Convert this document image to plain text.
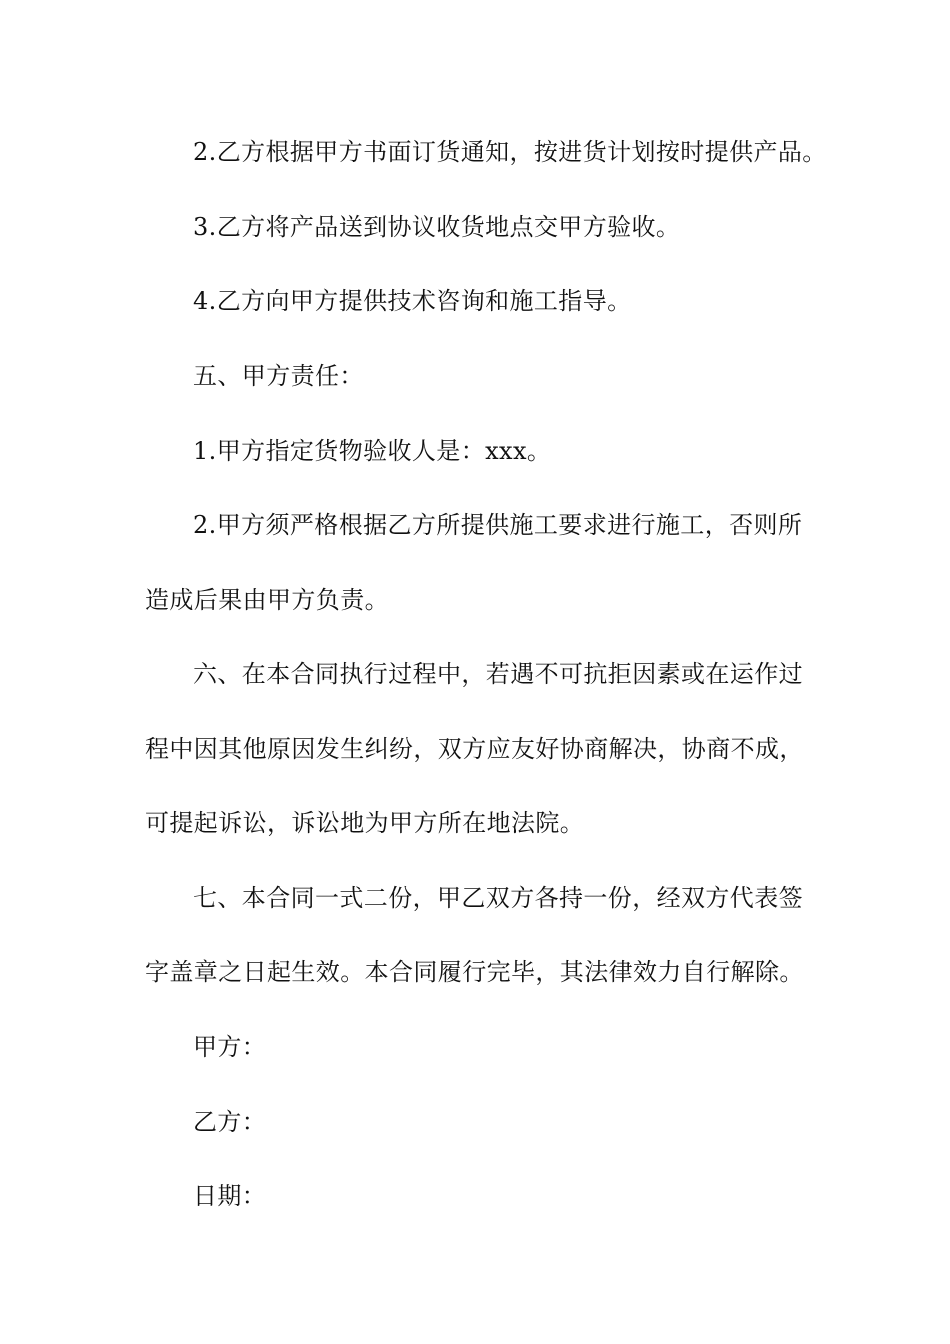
2.乙方根据甲方书面订货通知，按进货计划按时提供产品。
3.乙方将产品送到协议收货地点交甲方验收。
4.乙方向甲方提供技术咨询和施工指导。
五、甲方责任：
1.甲方指定货物验收人是：xxx。
2.甲方须严格根据乙方所提供施工要求进行施工，否则所
造成后果由甲方负责。
六、在本合同执行过程中，若遇不可抗拒因素或在运作过
程中因其他原因发生纠纷，双方应友好协商解决，协商不成，
可提起诉讼，诉讼地为甲方所在地法院。
七、本合同一式二份，甲乙双方各持一份，经双方代表签
字盖章之日起生效。本合同履行完毕，其法律效力自行解除。
甲方：
乙方：
日期：
